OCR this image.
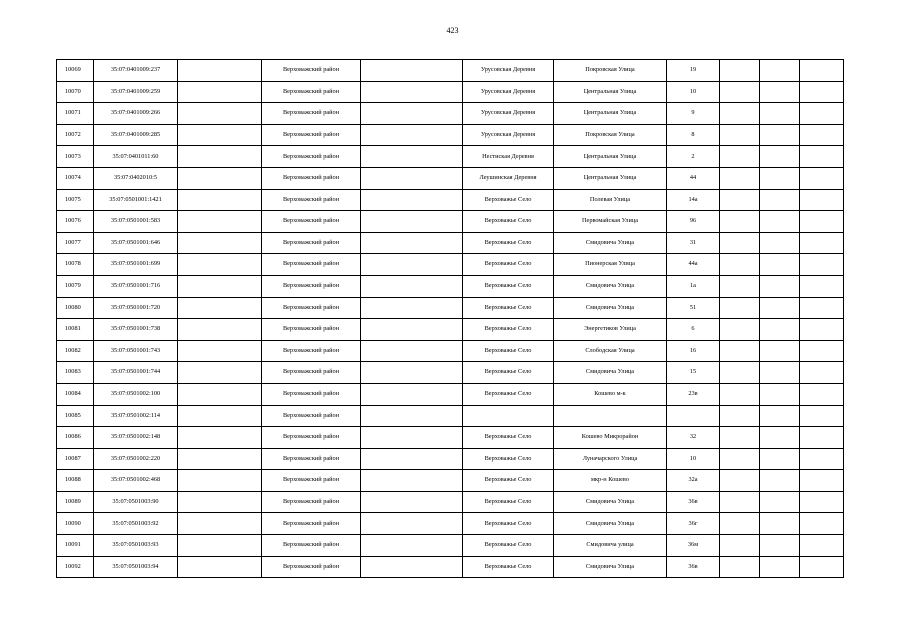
423
10069	35:07:0401009:237		Верховажский район		Урусовская Деревня	Покровская Улица	19			
10070	35:07:0401009:259		Верховажский район		Урусовская Деревня	Центральная Улица	10			
10071	35:07:0401009:266		Верховажский район		Урусовская Деревня	Центральная Улица	9			
10072	35:07:0401009:285		Верховажский район		Урусовская Деревня	Покровская Улица	8			
10073	35:07:0401011:60		Верховажский район		Нестиская Деревня	Центральная Улица	2			
10074	35:07:0402010:5		Верховажский район		Леушинская Деревня	Центральная Улица	44			
10075	35:07:0501001:1421		Верховажский район		Верховажье Село	Полевая Улица	14а			
10076	35:07:0501001:583		Верховажский район		Верховажье Село	Первомайская Улица	96			
10077	35:07:0501001:646		Верховажский район		Верховажье Село	Смидовича Улица	31			
10078	35:07:0501001:699		Верховажский район		Верховажье Село	Пионерская Улица	44а			
10079	35:07:0501001:716		Верховажский район		Верховажье Село	Смидовича Улица	1а			
10080	35:07:0501001:720		Верховажский район		Верховажье Село	Смидовича Улица	51			
10081	35:07:0501001:738		Верховажский район		Верховажье Село	Энергетиков Улица	6			
10082	35:07:0501001:743		Верховажский район		Верховажье Село	Слободская Улица	16			
10083	35:07:0501001:744		Верховажский район		Верховажье Село	Смидовича Улица	15			
10084	35:07:0501002:100		Верховажский район		Верховажье Село	Кошево м-к	23в			
10085	35:07:0501002:114		Верховажский район							
10086	35:07:0501002:148		Верховажский район		Верховажье Село	Кошево Микрорайон	32			
10087	35:07:0501002:220		Верховажский район		Верховажье Село	Луначарского Улица	10			
10088	35:07:0501002:468		Верховажский район		Верховажье Село	мкр-н Кошево	32а			
10089	35:07:0501003:90		Верховажский район		Верховажье Село	Смидовича Улица	36в			
10090	35:07:0501003:92		Верховажский район		Верховажье Село	Смидовича Улица	36г			
10091	35:07:0501003:93		Верховажский район		Верховажье Село	Смидовича улица	36м			
10092	35:07:0501003:94		Верховажский район		Верховажье Село	Смидовича Улица	36в			
